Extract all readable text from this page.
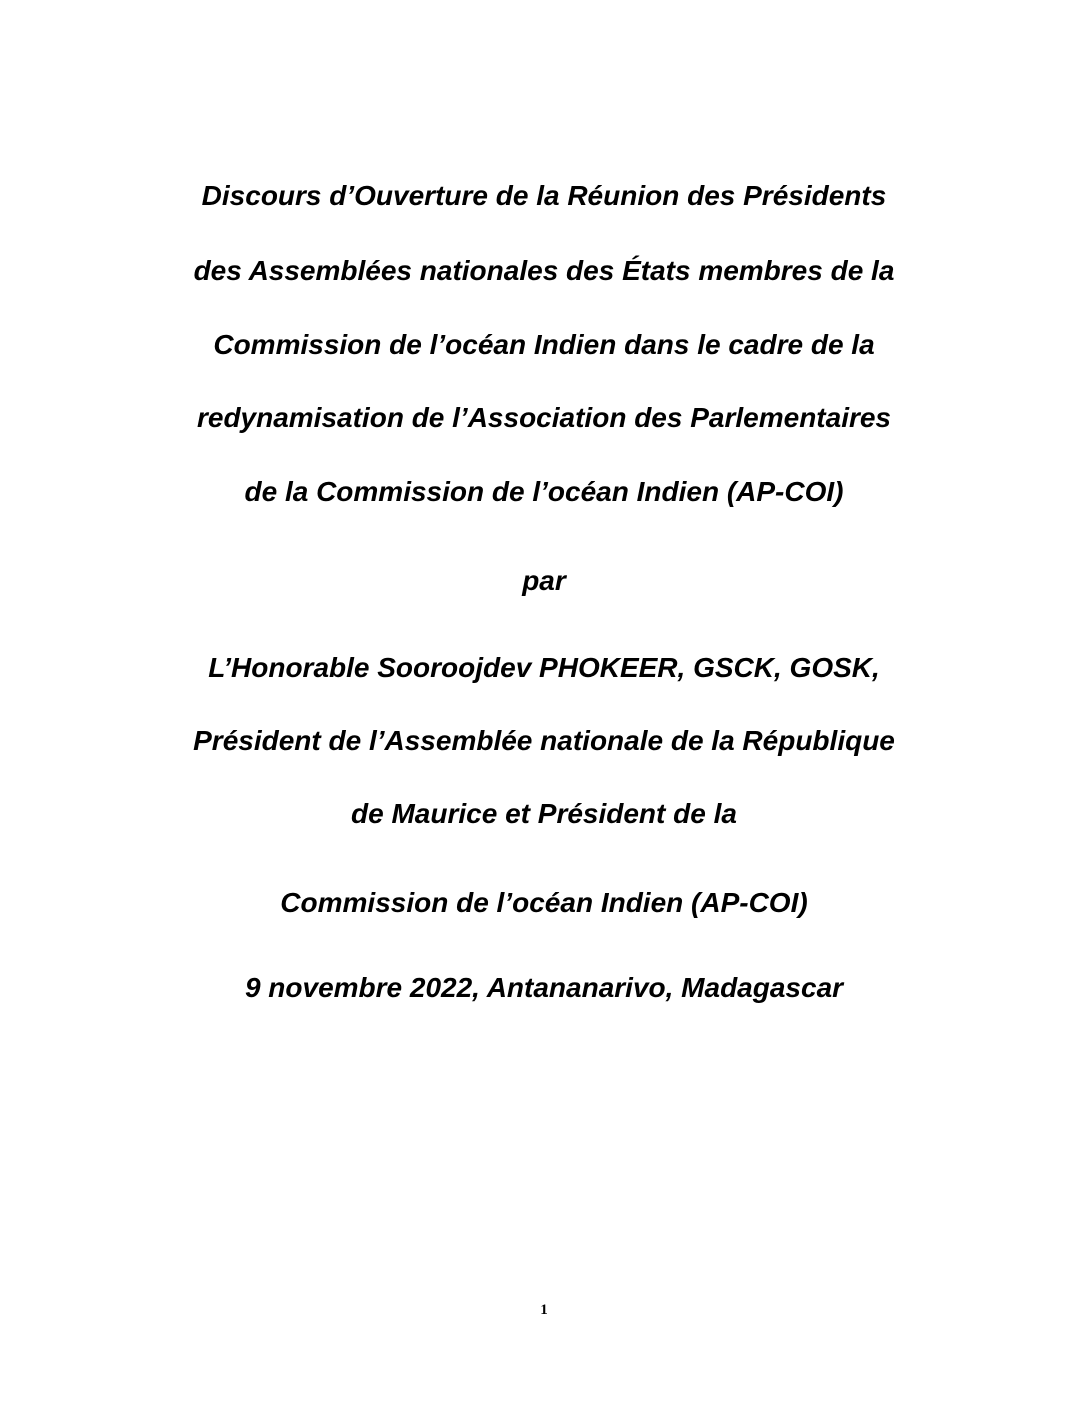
Discours d’Ouverture de la Réunion des Présidents
des Assemblées nationales des États membres de la
Commission de l’océan Indien dans le cadre de la
redynamisation de l’Association des Parlementaires
de la Commission de l’océan Indien (AP-COI)
par
L’Honorable Sooroojdev PHOKEER, GSCK, GOSK,
Président de l’Assemblée nationale de la République
de Maurice et Président de la
Commission de l’océan Indien (AP-COI)
9 novembre 2022, Antananarivo, Madagascar
1
